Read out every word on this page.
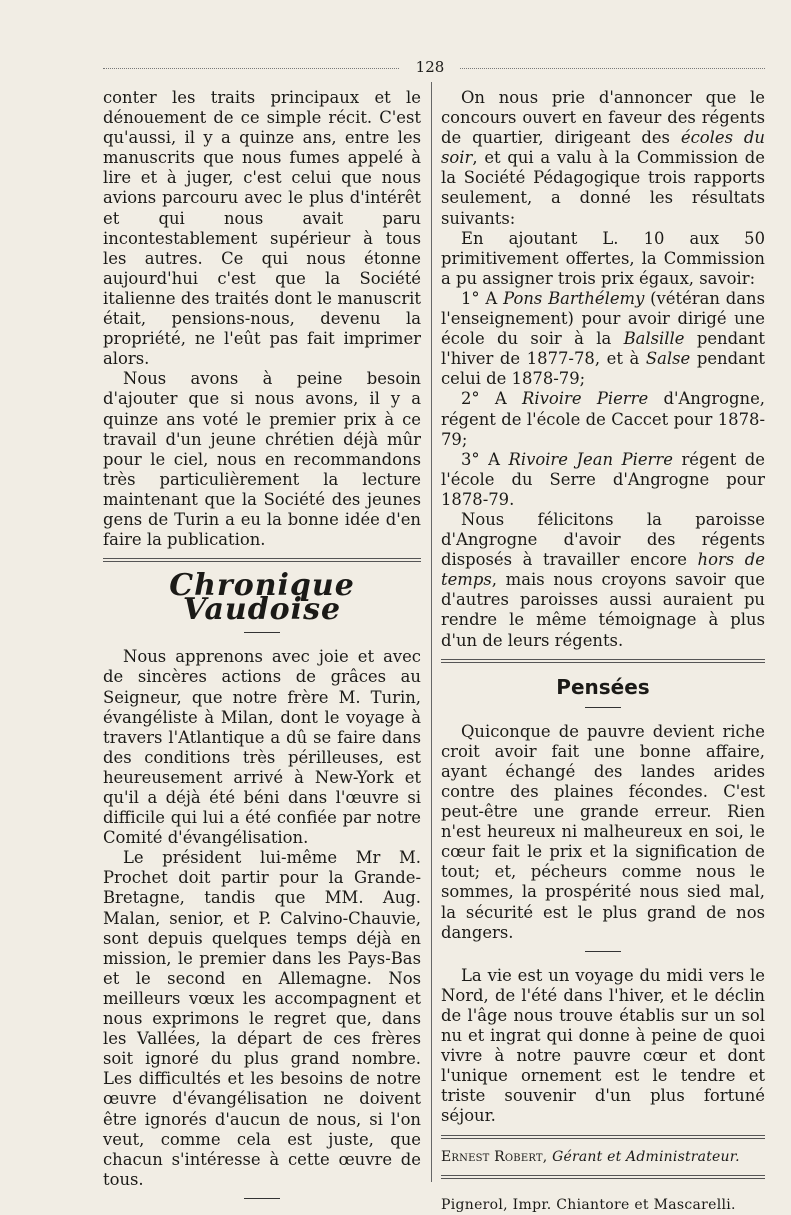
128

conter les traits principaux et le dénouement de ce simple récit. C'est qu'aussi, il y a quinze ans, entre les manuscrits que nous fumes appelé à lire et à juger, c'est celui que nous avions parcouru avec le plus d'intérêt et qui nous avait paru incontestablement supérieur à tous les autres. Ce qui nous étonne aujourd'hui c'est que la Société italienne des traités dont le manuscrit était, pensions-nous, devenu la propriété, ne l'eût pas fait imprimer alors.

Nous avons à peine besoin d'ajouter que si nous avons, il y a quinze ans voté le premier prix à ce travail d'un jeune chrétien déjà mûr pour le ciel, nous en recommandons très particulièrement la lecture maintenant que la Société des jeunes gens de Turin a eu la bonne idée d'en faire la publication.

Chronique Vaudoise

Nous apprenons avec joie et avec de sincères actions de grâces au Seigneur, que notre frère M. Turin, évangéliste à Milan, dont le voyage à travers l'Atlantique a dû se faire dans des conditions très périlleuses, est heureusement arrivé à New-York et qu'il a déjà été béni dans l'œuvre si difficile qui lui a été confiée par notre Comité d'évangélisation.

Le président lui-même Mr M. Prochet doit partir pour la Grande-Bretagne, tandis que MM. Aug. Malan, senior, et P. Calvino-Chauvie, sont depuis quelques temps déjà en mission, le premier dans les Pays-Bas et le second en Allemagne. Nos meilleurs vœux les accompagnent et nous exprimons le regret que, dans les Vallées, la départ de ces frères soit ignoré du plus grand nombre. Les difficultés et les besoins de notre œuvre d'évangélisation ne doivent être ignorés d'aucun de nous, si l'on veut, comme cela est juste, que chacun s'intéresse à cette œuvre de tous.

On nous prie d'annoncer que le concours ouvert en faveur des régents de quartier, dirigeant des écoles du soir, et qui a valu à la Commission de la Société Pédagogique trois rapports seulement, a donné les résultats suivants:

En ajoutant L. 10 aux 50 primitivement offertes, la Commission a pu assigner trois prix égaux, savoir:

1° A Pons Barthélemy (vétéran dans l'enseignement) pour avoir dirigé une école du soir à la Balsille pendant l'hiver de 1877-78, et à Salse pendant celui de 1878-79;

2° A Rivoire Pierre d'Angrogne, régent de l'école de Caccet pour 1878-79;

3° A Rivoire Jean Pierre régent de l'école du Serre d'Angrogne pour 1878-79.

Nous félicitons la paroisse d'Angrogne d'avoir des régents disposés à travailler encore hors de temps, mais nous croyons savoir que d'autres paroisses aussi auraient pu rendre le même témoignage à plus d'un de leurs régents.

Pensées

Quiconque de pauvre devient riche croit avoir fait une bonne affaire, ayant échangé des landes arides contre des plaines fécondes. C'est peut-être une grande erreur. Rien n'est heureux ni malheureux en soi, le cœur fait le prix et la signification de tout; et, pécheurs comme nous le sommes, la prospérité nous sied mal, la sécurité est le plus grand de nos dangers.

La vie est un voyage du midi vers le Nord, de l'été dans l'hiver, et le déclin de l'âge nous trouve établis sur un sol nu et ingrat qui donne à peine de quoi vivre à notre pauvre cœur et dont l'unique ornement est le tendre et triste souvenir d'un plus fortuné séjour.

Ernest Robert, Gérant et Administrateur.
Pignerol, Impr. Chiantore et Mascarelli.
